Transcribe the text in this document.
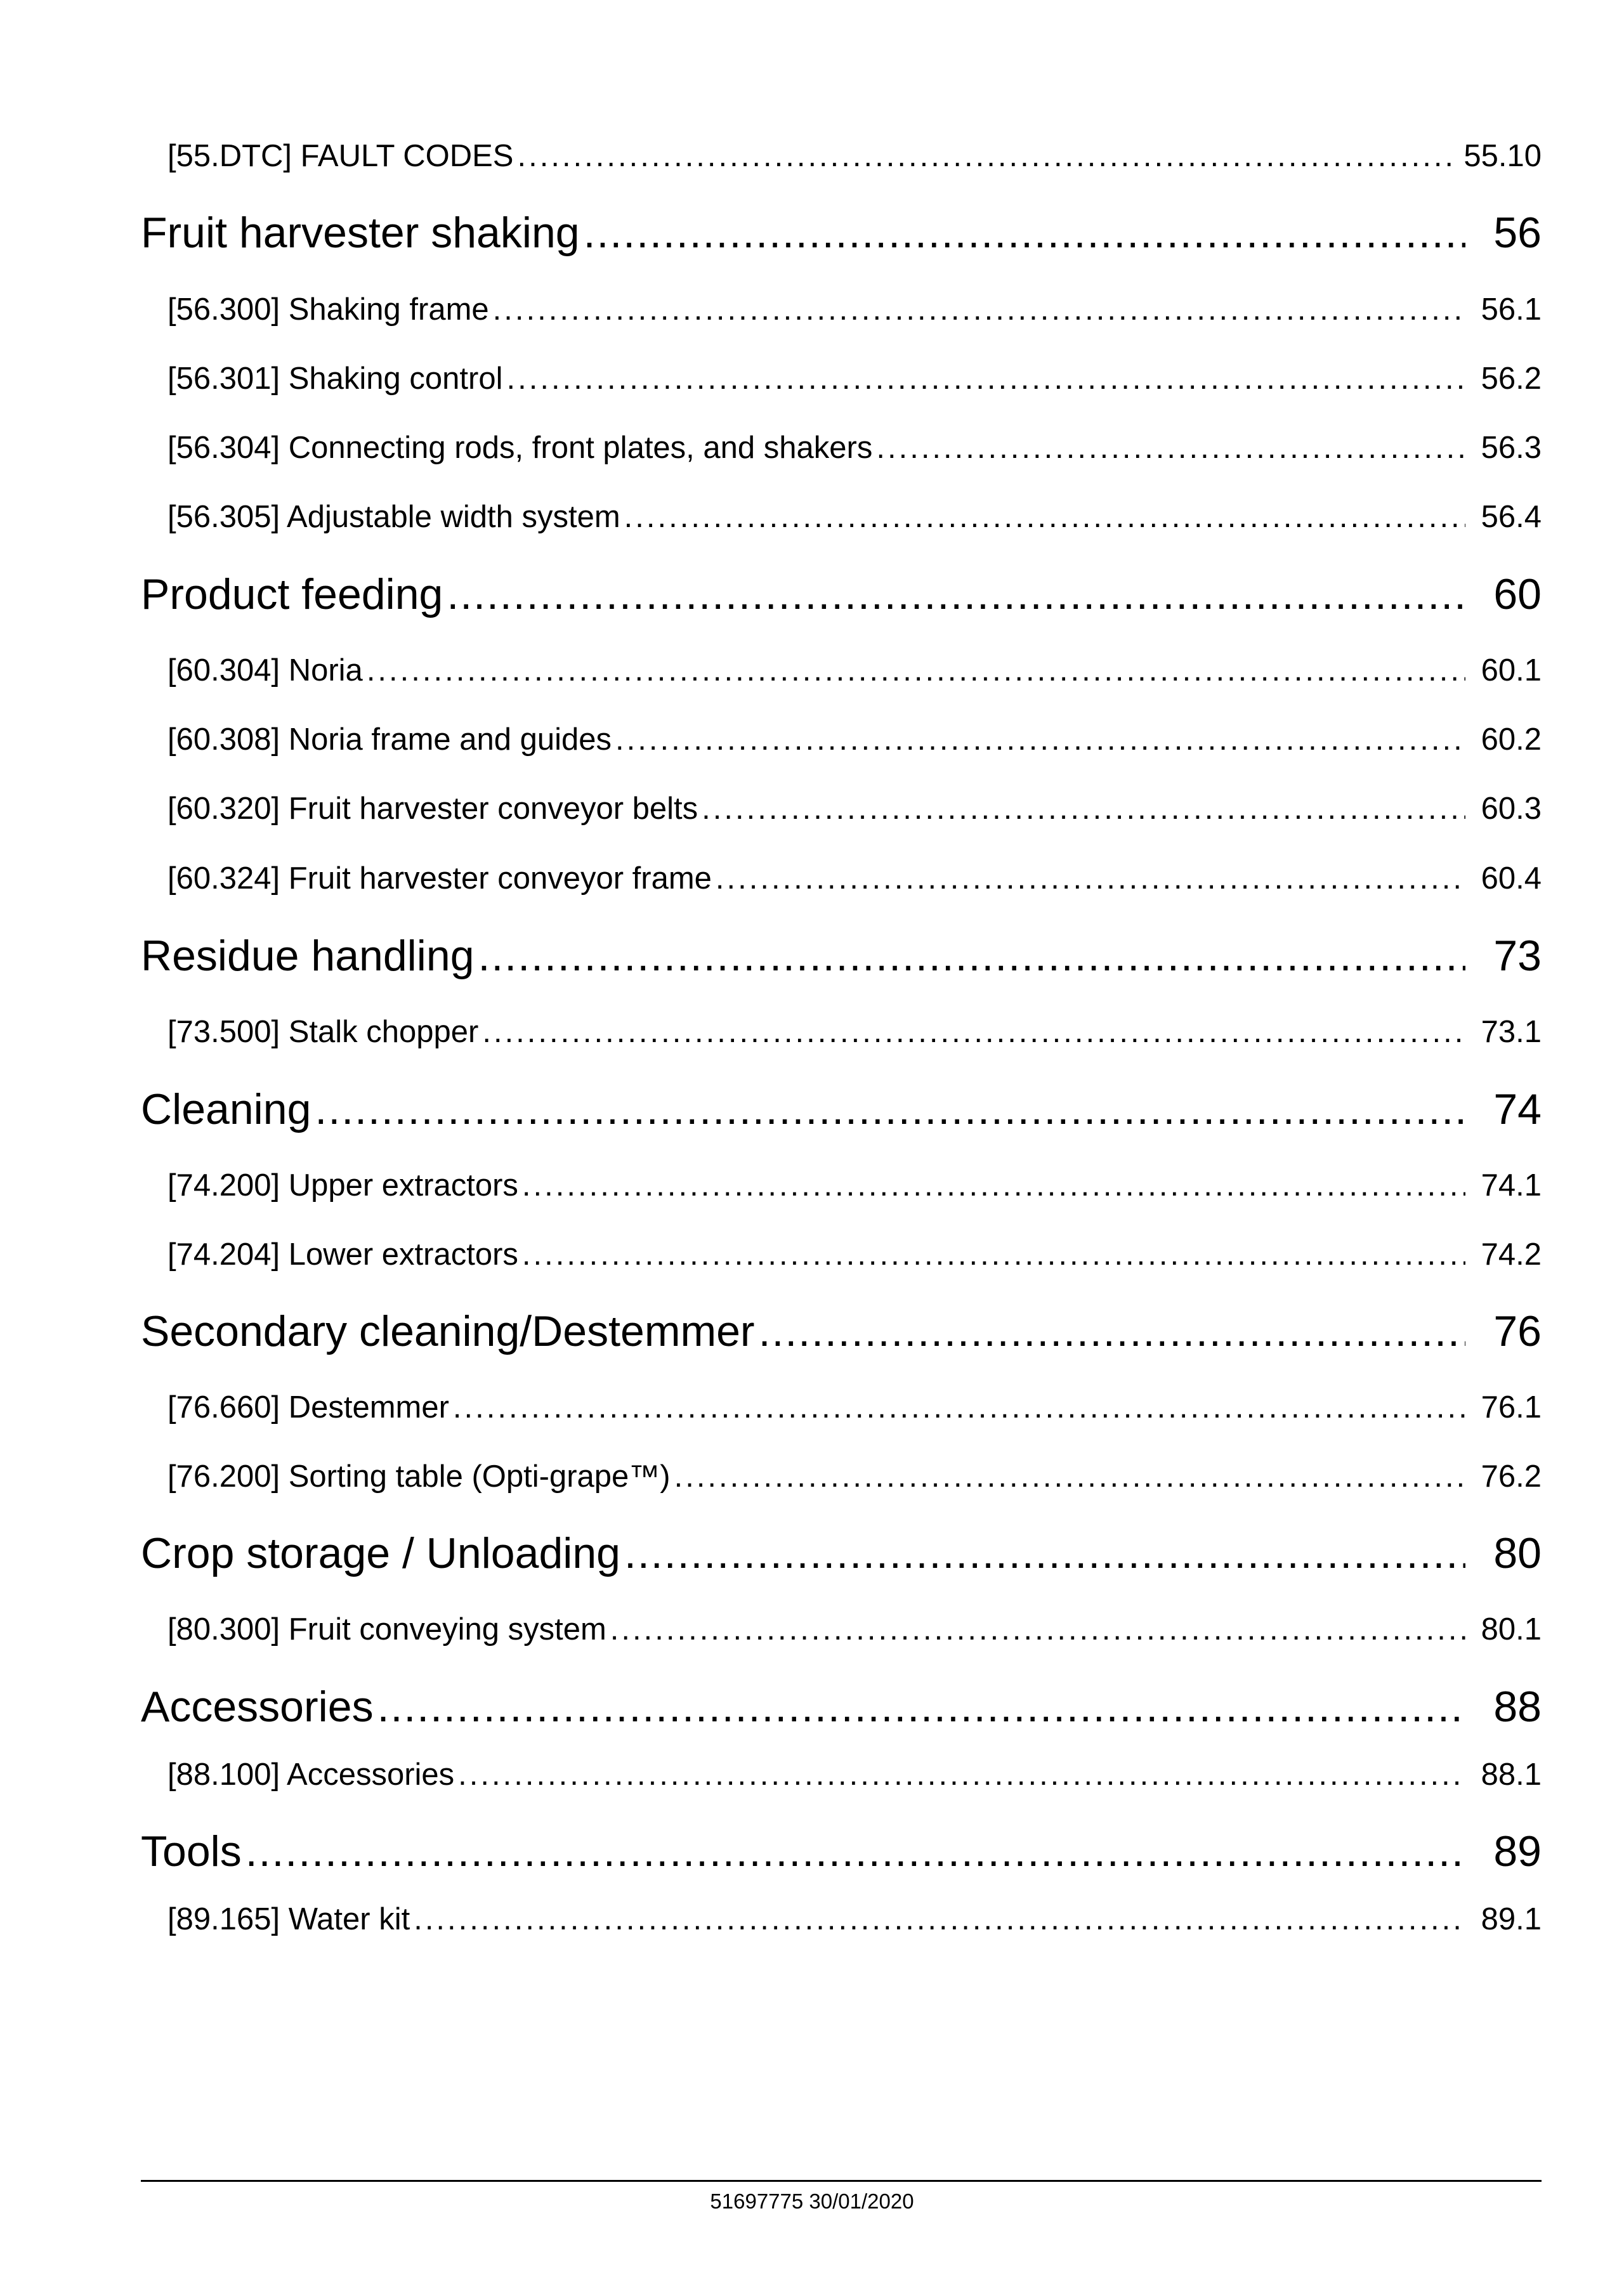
[55.DTC] FAULT CODES .....	55.10
Fruit harvester shaking .....	56
[56.300] Shaking frame .....	56.1
[56.301] Shaking control .....	56.2
[56.304] Connecting rods, front plates, and shakers .....	56.3
[56.305] Adjustable width system .....	56.4
Product feeding .....	60
[60.304] Noria .....	60.1
[60.308] Noria frame and guides .....	60.2
[60.320] Fruit harvester conveyor belts .....	60.3
[60.324] Fruit harvester conveyor frame .....	60.4
Residue handling .....	73
[73.500] Stalk chopper .....	73.1
Cleaning .....	74
[74.200] Upper extractors .....	74.1
[74.204] Lower extractors .....	74.2
Secondary cleaning/Destemmer .....	76
[76.660] Destemmer .....	76.1
[76.200] Sorting table (Opti-grape™) .....	76.2
Crop storage / Unloading .....	80
[80.300] Fruit conveying system .....	80.1
Accessories .....	88
[88.100] Accessories .....	88.1
Tools .....	89
[89.165] Water kit .....	89.1
51697775 30/01/2020
